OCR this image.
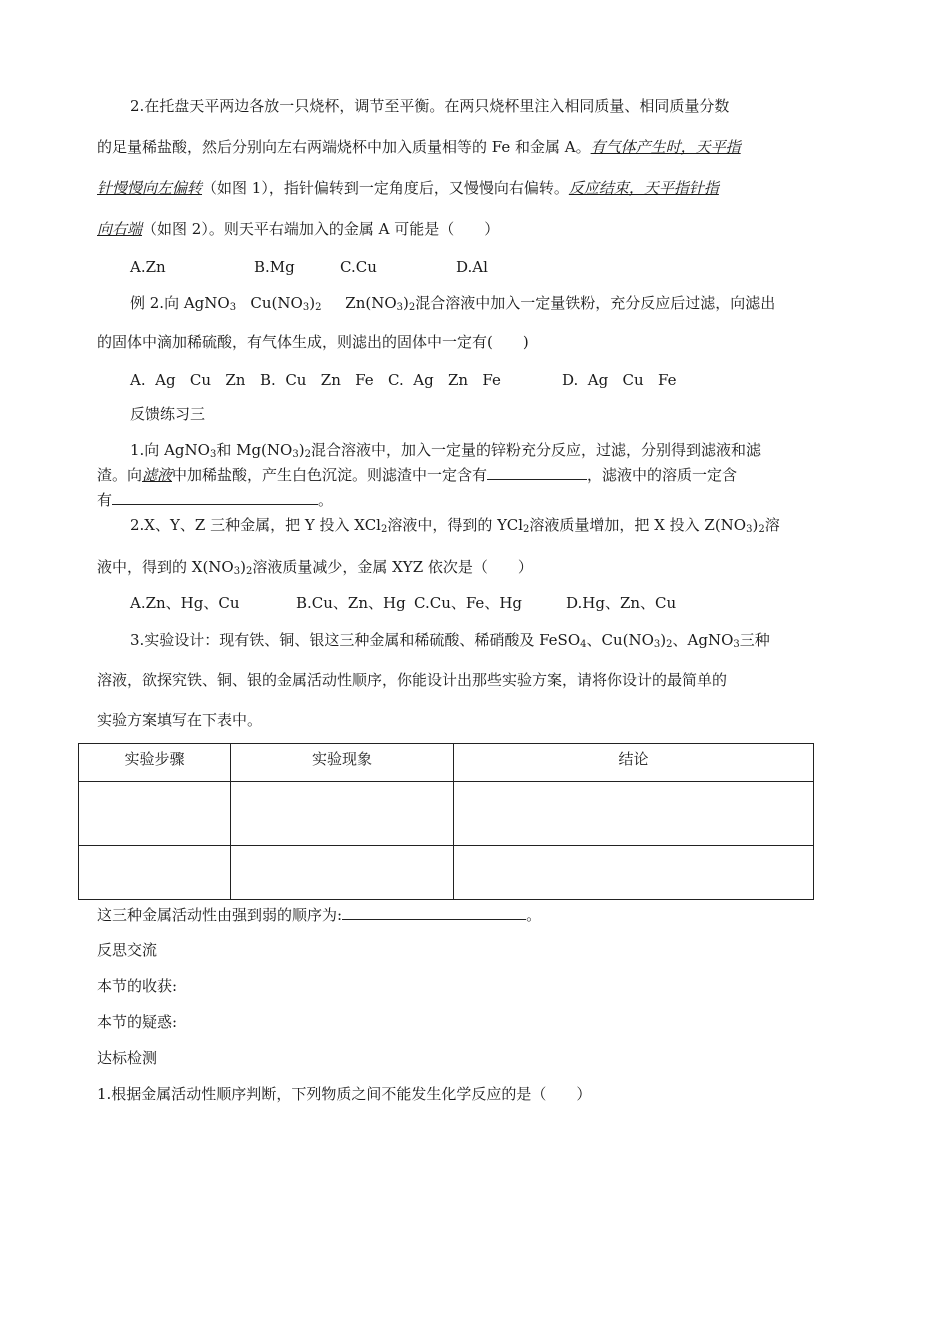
2.在托盘天平两边各放一只烧杯，调节至平衡。在两只烧杯里注入相同质量、相同质量分数
的足量稀盐酸，然后分别向左右两端烧杯中加入质量相等的 Fe 和金属 A。有气体产生时，天平指
针慢慢向左偏转（如图 1），指针偏转到一定角度后，又慢慢向右偏转。反应结束，天平指针指
向右端（如图 2）。则天平右端加入的金属 A 可能是（　　）
A.Zn	B.Mg	C.Cu	D.Al
例 2.向 AgNO$_3$ $Cu(NO_3)_2$ $Zn(NO_3)_2$混合溶液中加入一定量铁粉，充分反应后过滤，向滤出
的固体中滴加稀硫酸，有气体生成，则滤出的固体中一定有(　　)
A.  Ag   Cu   Zn B.  Cu   Zn   Fe C.  Ag   Zn   Fe	D.  Ag   Cu   Fe
反馈练习三
1.向 AgNO$_3$和 $Mg(NO_3)_2$混合溶液中，加入一定量的锌粉充分反应，过滤，分别得到滤液和滤
渣。向滤液中加稀盐酸，产生白色沉淀。则滤渣中一定含有	，滤液中的溶质一定含
有	。
2.X、Y、Z 三种金属，把 Y 投入 XCl$_2$溶液中，得到的 YCl$_2$溶液质量增加，把 X 投入 $Z(NO_3)_2$溶
液中，得到的 $X(NO_3)_2$溶液质量减少，金属 XYZ 依次是（　　）
A.Zn、Hg、Cu	B.Cu、Zn、Hg C.Cu、Fe、Hg	D.Hg、Zn、Cu
3.实验设计：现有铁、铜、银这三种金属和稀硫酸、稀硝酸及 FeSO$_4$、$Cu(NO_3)_2$、AgNO$_3$三种
溶液，欲探究铁、铜、银的金属活动性顺序，你能设计出那些实验方案，请将你设计的最简单的
实验方案填写在下表中。
实验步骤	实验现象	结论

这三种金属活动性由强到弱的顺序为:	。
反思交流
本节的收获:
本节的疑惑:
达标检测
1.根据金属活动性顺序判断，下列物质之间不能发生化学反应的是（　　）
